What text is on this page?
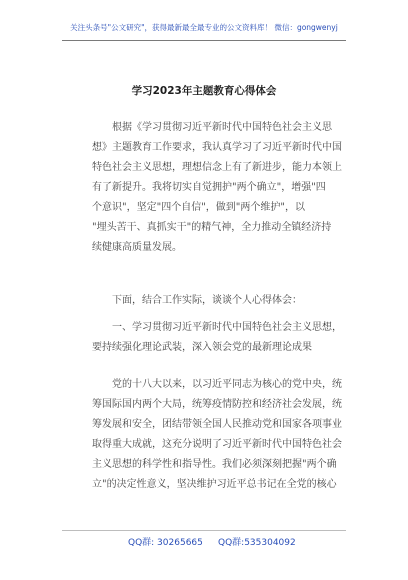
关注头条号"公文研究"，获得最新最全最专业的公文资料库！ 微信：gongwenyj
学习2023年主题教育心得体会
根据《学习贯彻习近平新时代中国特色社会主义思
想》主题教育工作要求，我认真学习了习近平新时代中国
特色社会主义思想，理想信念上有了新进步，能力本领上
有了新提升。我将切实自觉拥护"两个确立"，增强"四
个意识"，坚定"四个自信"，做到"两个维护"，以
"埋头苦干、真抓实干"的精气神，全力推动全镇经济持
续健康高质量发展。
下面，结合工作实际，谈谈个人心得体会：
一、学习贯彻习近平新时代中国特色社会主义思想，
要持续强化理论武装，深入领会党的最新理论成果
党的十八大以来，以习近平同志为核心的党中央，统
筹国际国内两个大局，统筹疫情防控和经济社会发展，统
筹发展和安全，团结带领全国人民推动党和国家各项事业
取得重大成就，这充分说明了习近平新时代中国特色社会
主义思想的科学性和指导性。我们必须深刻把握"两个确
立"的决定性意义，坚决维护习近平总书记在全党的核心
QQ群: 30265665 QQ群:535304092
